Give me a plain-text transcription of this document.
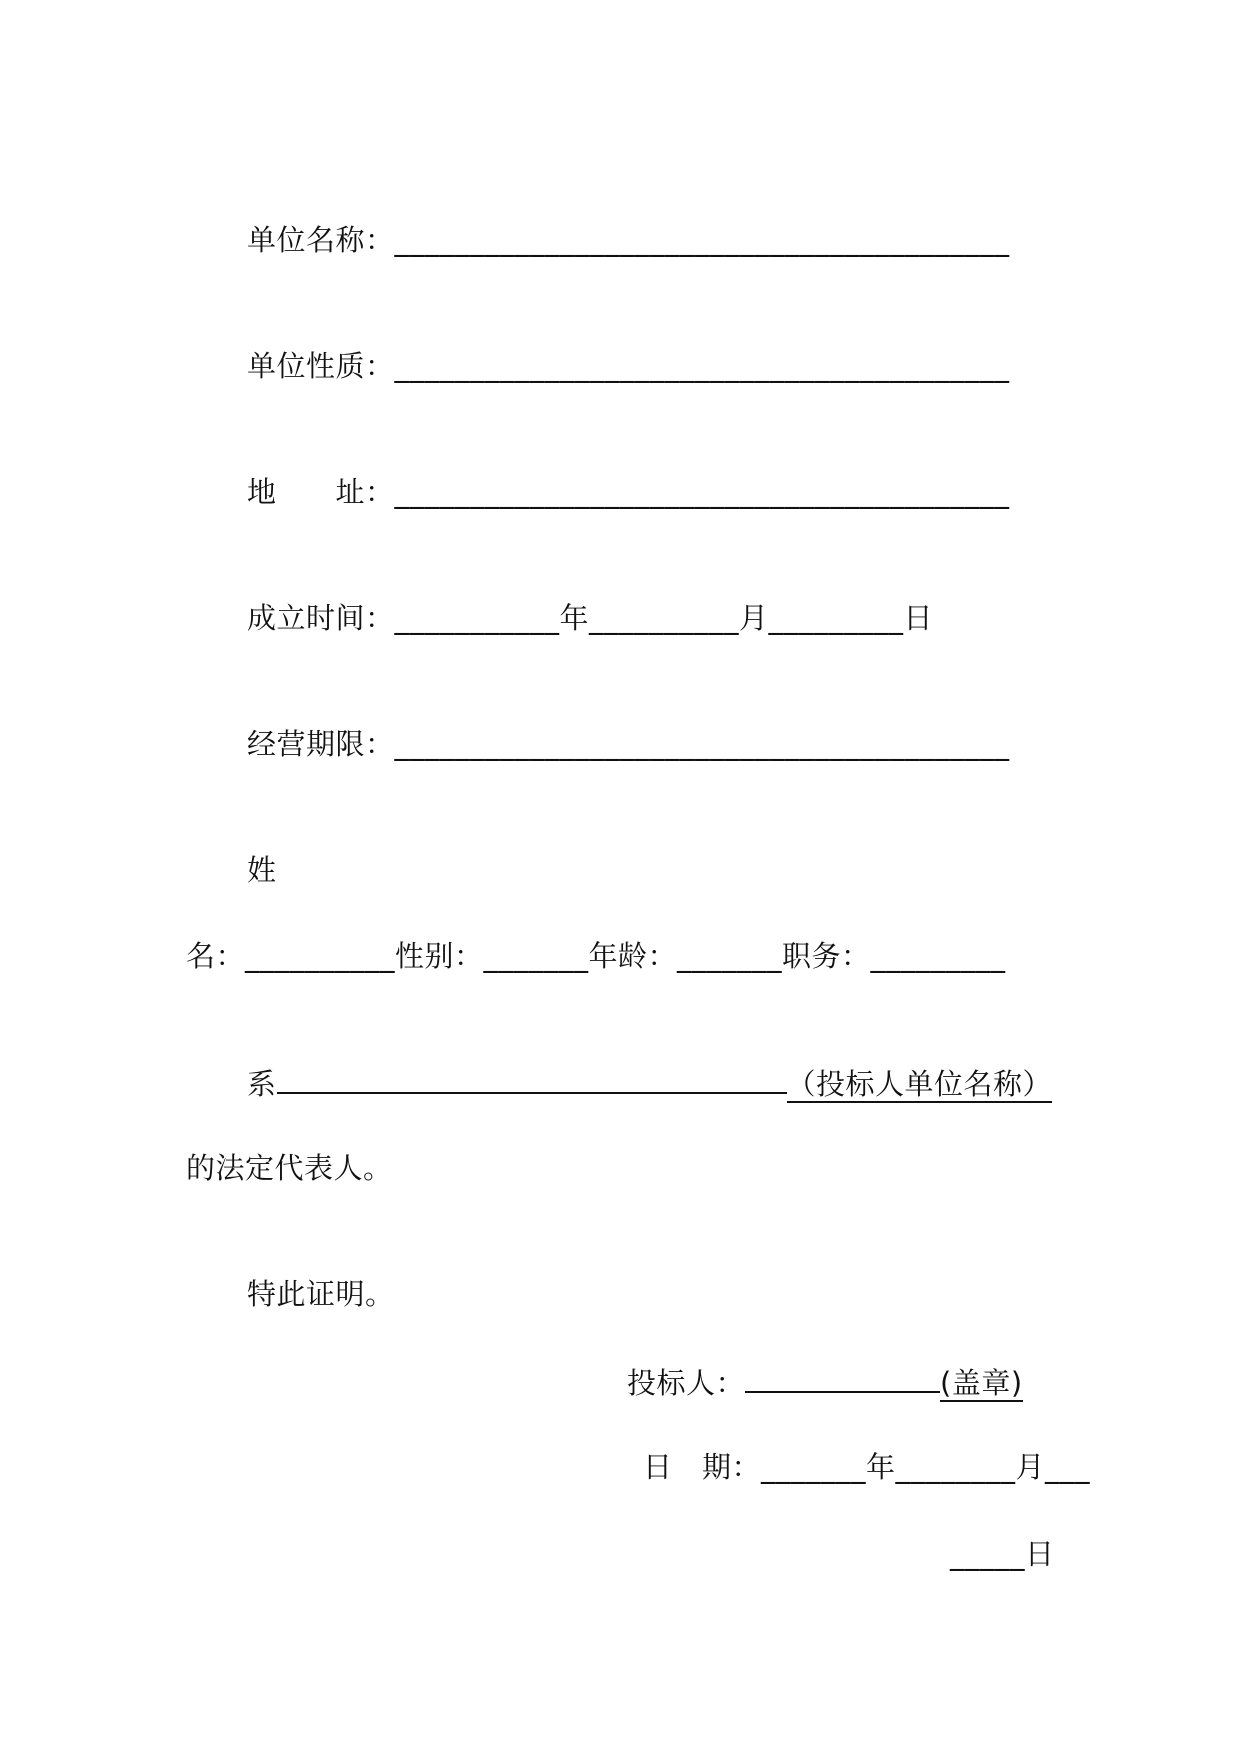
单位名称：_________________________________________
单位性质：_________________________________________
地　　址：_________________________________________
成立时间：___________年__________月_________日
经营期限：_________________________________________
姓
名：__________性别：_______年龄：_______职务：_________
系	（投标人单位名称）
的法定代表人。
特此证明。
投标人：	(盖章)
日　期：_______年________月___
_____日
